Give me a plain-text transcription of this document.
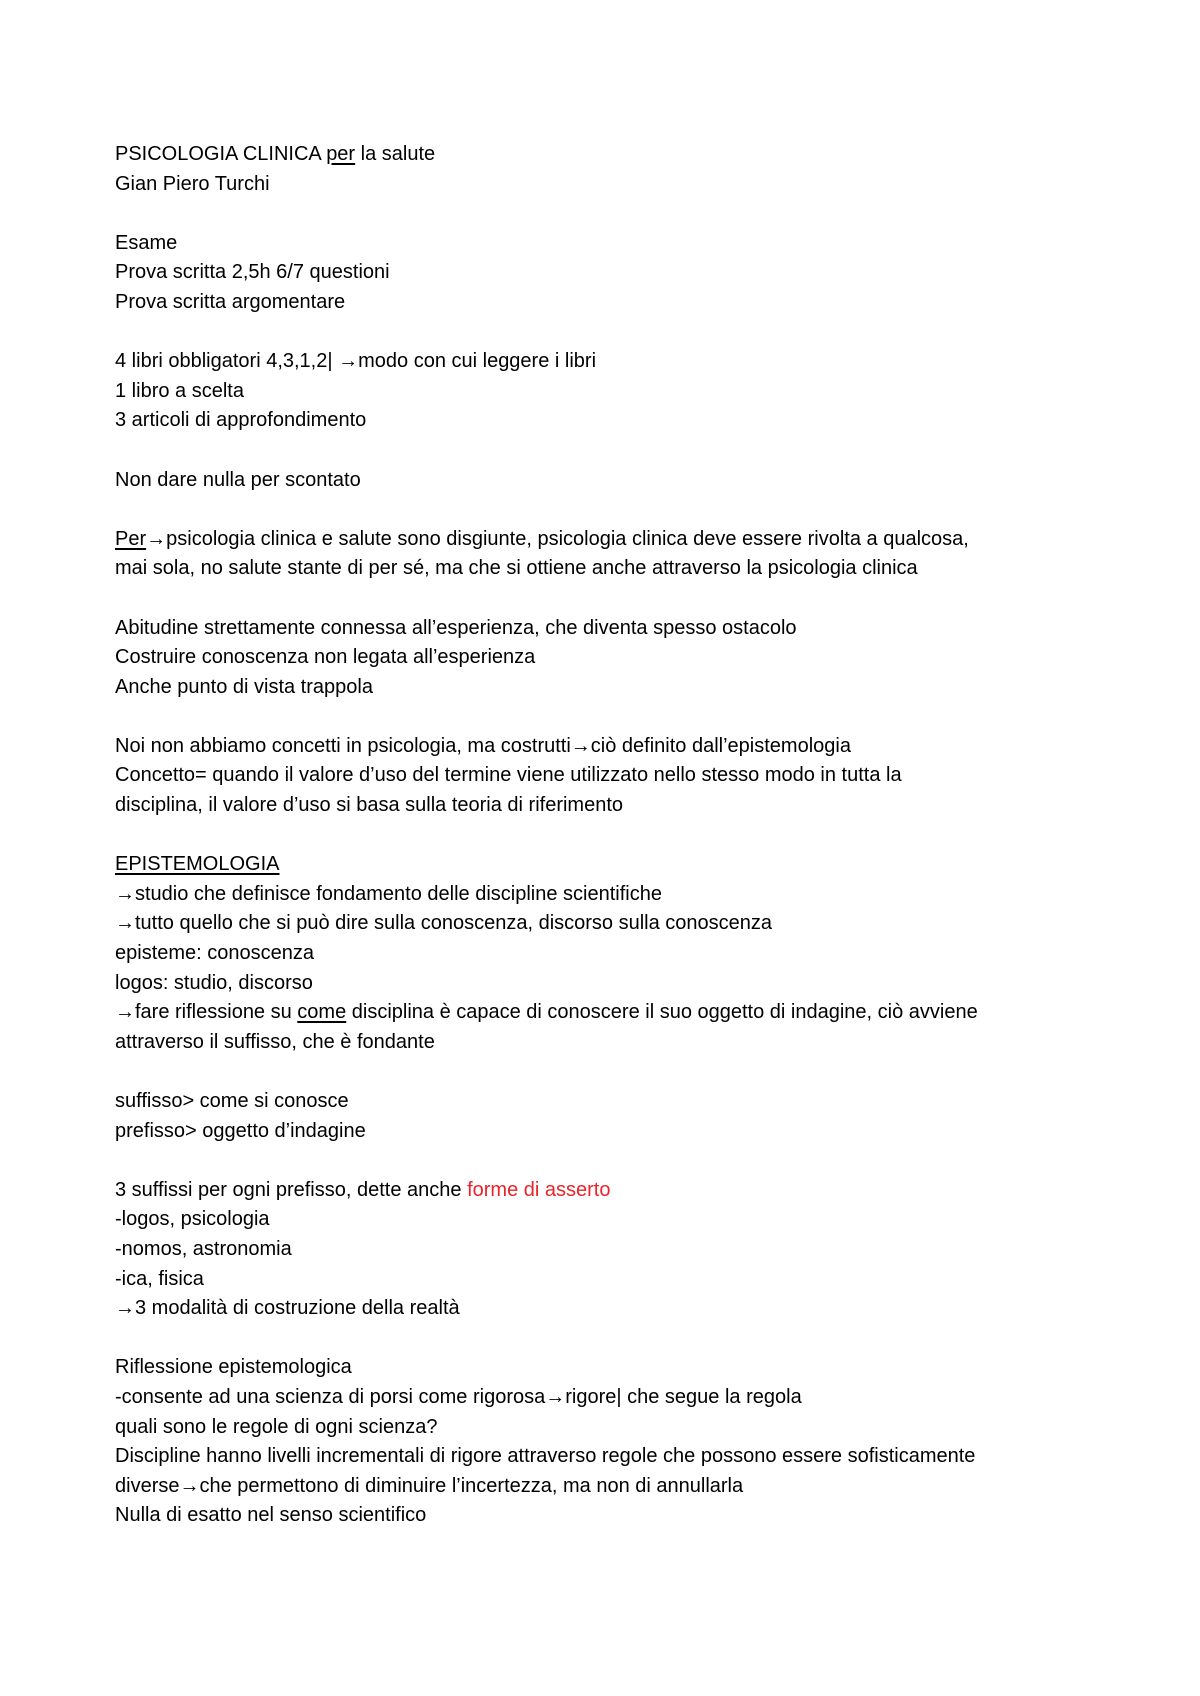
PSICOLOGIA CLINICA per la salute
Gian Piero Turchi
Esame
Prova scritta 2,5h 6/7 questioni
Prova scritta argomentare
4 libri obbligatori 4,3,1,2| →modo con cui leggere i libri
1 libro a scelta
3 articoli di approfondimento
Non dare nulla per scontato
Per→psicologia clinica e salute sono disgiunte, psicologia clinica deve essere rivolta a qualcosa,
mai sola, no salute stante di per sé, ma che si ottiene anche attraverso la psicologia clinica
Abitudine strettamente connessa all’esperienza, che diventa spesso ostacolo
Costruire conoscenza non legata all’esperienza
Anche punto di vista trappola
Noi non abbiamo concetti in psicologia, ma costrutti→ciò definito dall’epistemologia
Concetto= quando il valore d’uso del termine viene utilizzato nello stesso modo in tutta la
disciplina, il valore d’uso si basa sulla teoria di riferimento
EPISTEMOLOGIA
→studio che definisce fondamento delle discipline scientifiche
→tutto quello che si può dire sulla conoscenza, discorso sulla conoscenza
episteme: conoscenza
logos: studio, discorso
→fare riflessione su come disciplina è capace di conoscere il suo oggetto di indagine, ciò avviene
attraverso il suffisso, che è fondante
suffisso> come si conosce
prefisso> oggetto d’indagine
3 suffissi per ogni prefisso, dette anche forme di asserto
-logos, psicologia
-nomos, astronomia
-ica, fisica
→3 modalità di costruzione della realtà
Riflessione epistemologica
-consente ad una scienza di porsi come rigorosa→rigore| che segue la regola
quali sono le regole di ogni scienza?
Discipline hanno livelli incrementali di rigore attraverso regole che possono essere sofisticamente
diverse→che permettono di diminuire l’incertezza, ma non di annullarla
Nulla di esatto nel senso scientifico
